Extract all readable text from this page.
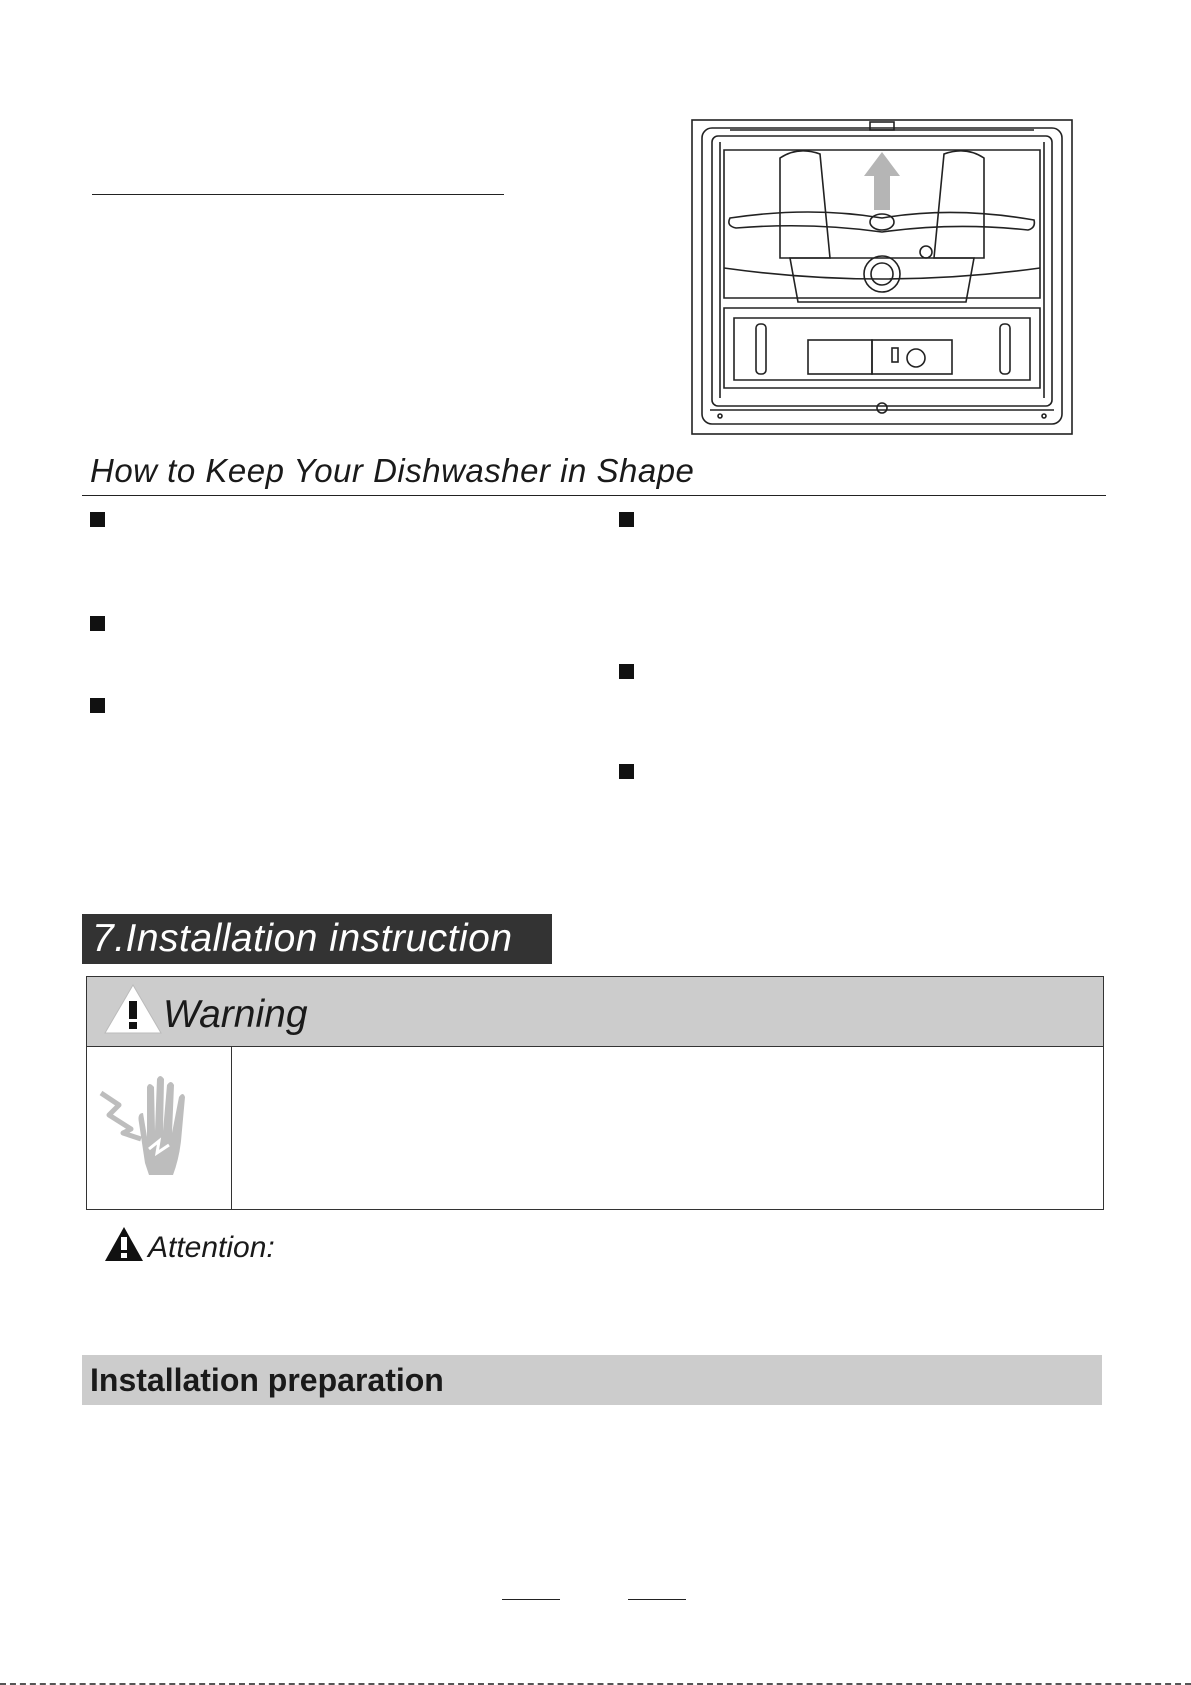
How to Keep Your Dishwasher in Shape
7.Installation instruction
Warning
Attention:
Installation preparation
